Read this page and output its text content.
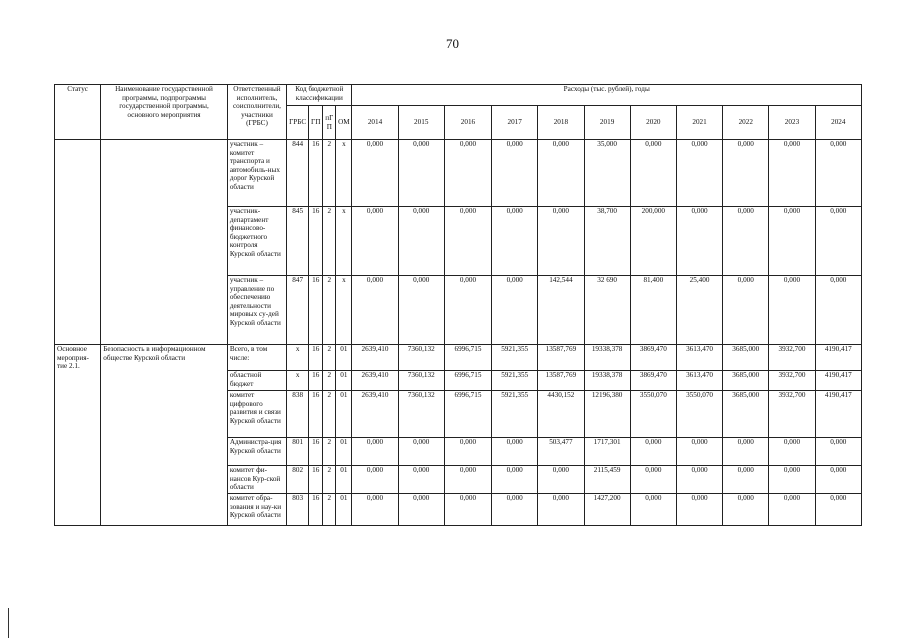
70
Статус	Наименование государственной программы, подпрограммы государственной программы, основного мероприятия	Ответственный исполнитель, соисполнители, участники (ГРБС)	Код бюджетной классификации				Расходы (тыс. рублей), годы										
			ГРБС	ГП	пГП	ОМ	2014	2015	2016	2017	2018	2019	2020	2021	2022	2023	2024
		участник – комитет транспорта и автомобиль-ных дорог Курской области	844	16	2	х	0,000	0,000	0,000	0,000	0,000	35,000	0,000	0,000	0,000	0,000	0,000
		участник-департамент финансово-бюджетного контроля Курской области	845	16	2	х	0,000	0,000	0,000	0,000	0,000	38,700	200,000	0,000	0,000	0,000	0,000
		участник – управление по обеспечению деятельности мировых су-дей Курской области	847	16	2	х	0,000	0,000	0,000	0,000	142,544	32 690	81,400	25,400	0,000	0,000	0,000
Основное мероприя-тие 2.1.	Безопасность в информационном обществе Курской области	Всего, в том числе:	х	16	2	01	2639,410	7360,132	6996,715	5921,355	13587,769	19338,378	3869,470	3613,470	3685,000	3932,700	4190,417
		областной бюджет	х	16	2	01	2639,410	7360,132	6996,715	5921,355	13587,769	19338,378	3869,470	3613,470	3685,000	3932,700	4190,417
		комитет цифрового развития и связи Курской области	838	16	2	01	2639,410	7360,132	6996,715	5921,355	4430,152	12196,380	3550,070	3550,070	3685,000	3932,700	4190,417
		Администра-ция Курской области	801	16	2	01	0,000	0,000	0,000	0,000	503,477	1717,301	0,000	0,000	0,000	0,000	0,000
		комитет фи-нансов Кур-ской области	802	16	2	01	0,000	0,000	0,000	0,000	0,000	2115,459	0,000	0,000	0,000	0,000	0,000
		комитет обра-зования и нау-ки Курской области	803	16	2	01	0,000	0,000	0,000	0,000	0,000	1427,200	0,000	0,000	0,000	0,000	0,000
